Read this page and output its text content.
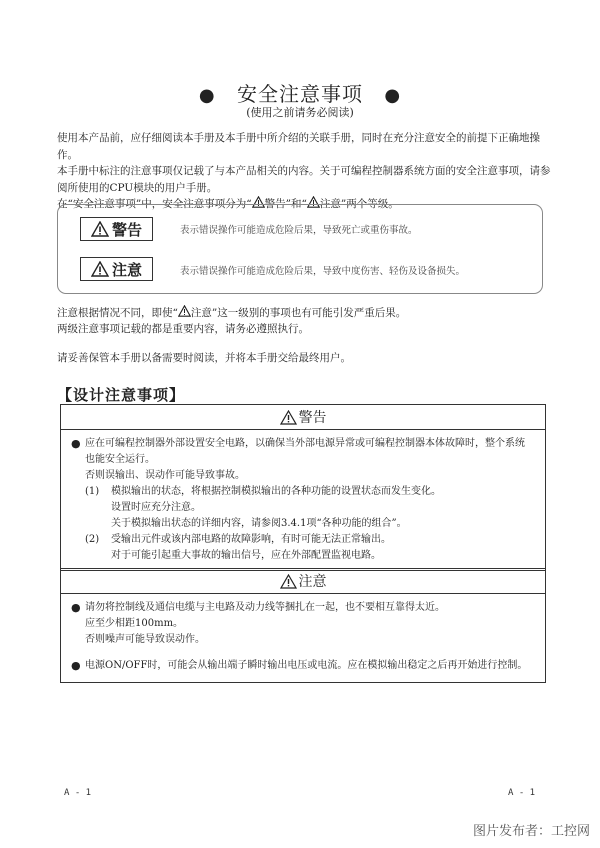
● 安全注意事项 ●
(使用之前请务必阅读)

使用本产品前，应仔细阅读本手册及本手册中所介绍的关联手册，同时在充分注意安全的前提下正确地操作。

本手册中标注的注意事项仅记载了与本产品相关的内容。关于可编程控制器系统方面的安全注意事项，请参

阅所使用的CPU模块的用户手册。

在“安全注意事项”中，安全注意事项分为“ 警告”和“ 注意”两个等级。

警告	表示错误操作可能造成危险后果，导致死亡或重伤事故。
注意	表示错误操作可能造成危险后果，导致中度伤害、轻伤及设备损失。

注意根据情况不同，即使“ 注意”这一级别的事项也有可能引发严重后果。

两级注意事项记载的都是重要内容，请务必遵照执行。

请妥善保管本手册以备需要时阅读，并将本手册交给最终用户。
【设计注意事项】
警告
● 应在可编程控制器外部设置安全电路，以确保当外部电源异常或可编程控制器本体故障时，整个系统

也能安全运行。

否则误输出、误动作可能导致事故。

(1)	模拟输出的状态，将根据控制模拟输出的各种功能的设置状态而发生变化。

设置时应充分注意。

关于模拟输出状态的详细内容，请参阅3.4.1项“各种功能的组合”。

(2)	受输出元件或该内部电路的故障影响，有时可能无法正常输出。

对于可能引起重大事故的输出信号，应在外部配置监视电路。

注意
● 请勿将控制线及通信电缆与主电路及动力线等捆扎在一起，也不要相互靠得太近。

应至少相距100mm。

否则噪声可能导致误动作。

● 电源ON/OFF时，可能会从输出端子瞬时输出电压或电流。应在模拟输出稳定之后再开始进行控制。

A - 1	A - 1
图片发布者：工控网
